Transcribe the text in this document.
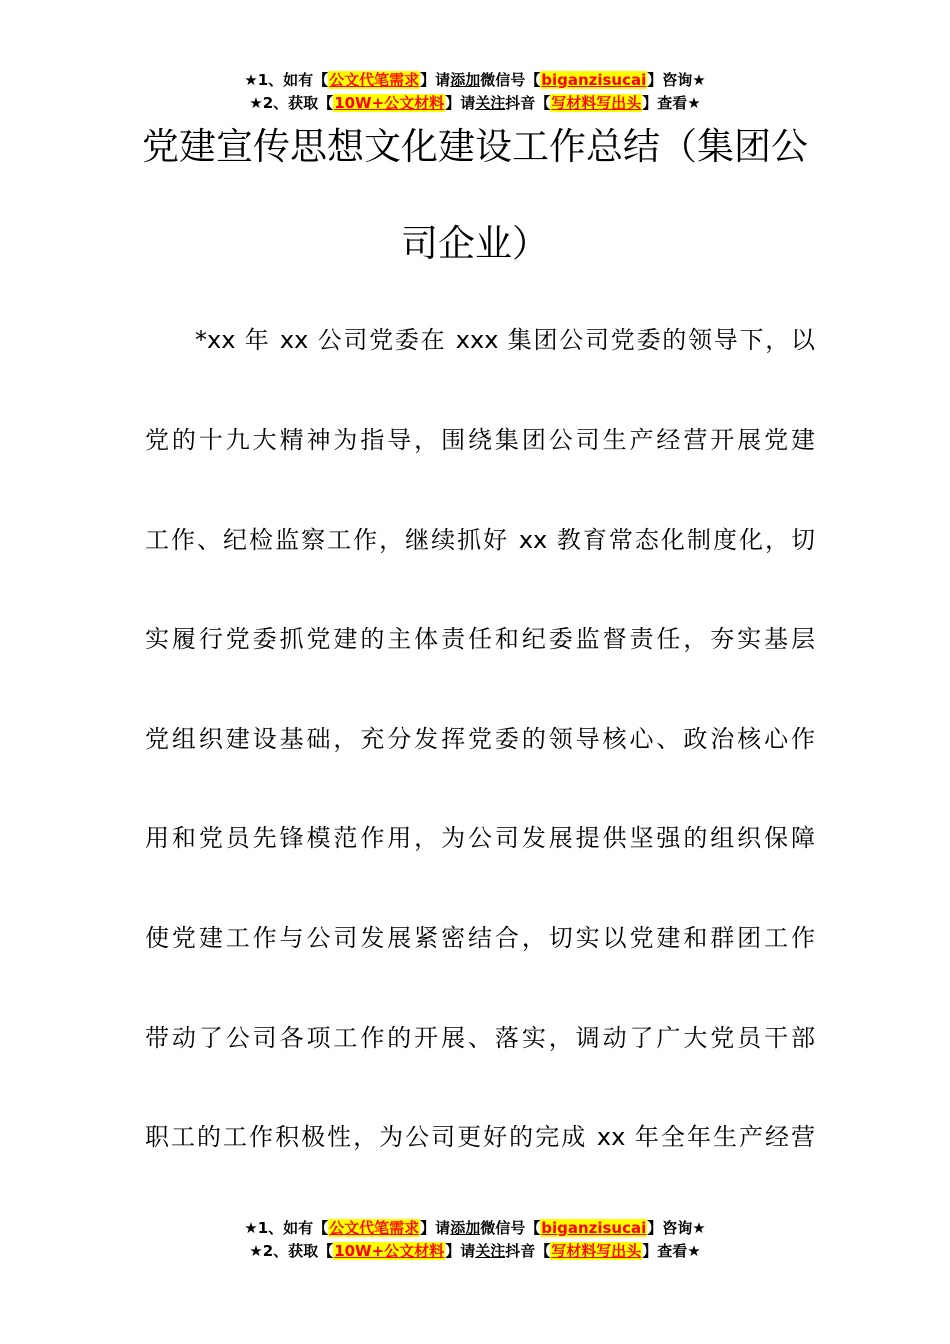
★1、如有【公文代笔需求】请添加微信号【biganzisucai】咨询★
★2、获取【10W+公文材料】请关注抖音【写材料写出头】查看★
党建宣传思想文化建设工作总结（集团公
司企业）
*xx 年 xx 公司党委在 xxx 集团公司党委的领导下，以
党的十九大精神为指导，围绕集团公司生产经营开展党建
工作、纪检监察工作，继续抓好 xx 教育常态化制度化，切
实履行党委抓党建的主体责任和纪委监督责任，夯实基层
党组织建设基础，充分发挥党委的领导核心、政治核心作
用和党员先锋模范作用，为公司发展提供坚强的组织保障
使党建工作与公司发展紧密结合，切实以党建和群团工作
带动了公司各项工作的开展、落实，调动了广大党员干部
职工的工作积极性，为公司更好的完成 xx 年全年生产经营
★1、如有【公文代笔需求】请添加微信号【biganzisucai】咨询★
★2、获取【10W+公文材料】请关注抖音【写材料写出头】查看★
